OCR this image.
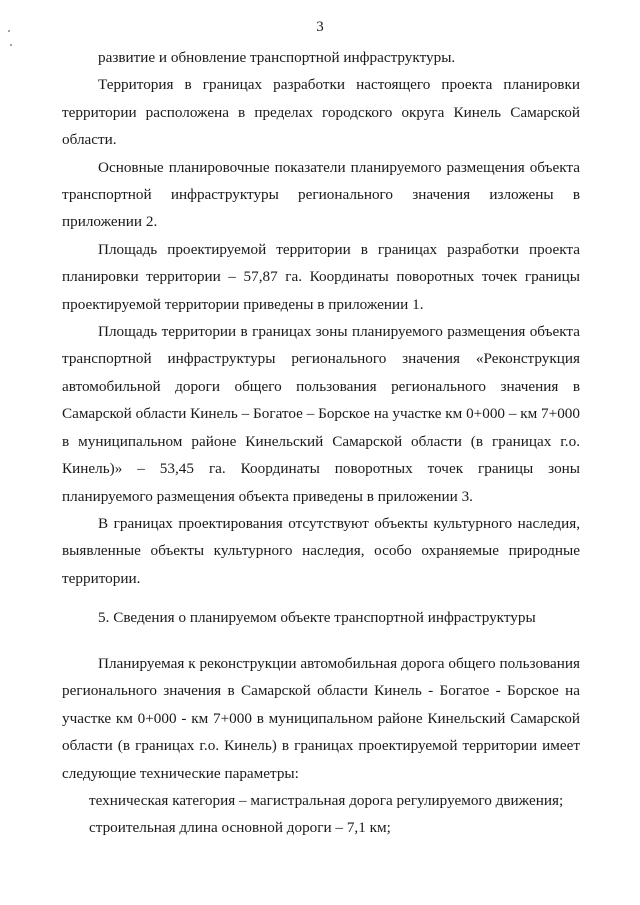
3

развитие и обновление транспортной инфраструктуры.

Территория в границах разработки настоящего проекта планировки территории расположена в пределах городского округа Кинель Самарской области.

Основные планировочные показатели планируемого размещения объекта транспортной инфраструктуры регионального значения изложены в приложении 2.

Площадь проектируемой территории в границах разработки проекта планировки территории – 57,87 га. Координаты поворотных точек границы проектируемой территории приведены в приложении 1.

Площадь территории в границах зоны планируемого размещения объекта транспортной инфраструктуры регионального значения «Реконструкция автомобильной дороги общего пользования регионального значения в Самарской области Кинель – Богатое – Борское на участке км 0+000 – км 7+000 в муниципальном районе Кинельский Самарской области (в границах г.о. Кинель)» – 53,45 га. Координаты поворотных точек границы зоны планируемого размещения объекта приведены в приложении 3.

В границах проектирования отсутствуют объекты культурного наследия, выявленные объекты культурного наследия, особо охраняемые природные территории.

5. Сведения о планируемом объекте транспортной инфраструктуры

Планируемая к реконструкции автомобильная дорога общего пользования регионального значения в Самарской области Кинель - Богатое - Борское на участке км 0+000 - км 7+000 в муниципальном районе Кинельский Самарской области (в границах г.о. Кинель) в границах проектируемой территории имеет следующие технические параметры:

техническая категория – магистральная дорога регулируемого движения;

строительная длина основной дороги – 7,1 км;
